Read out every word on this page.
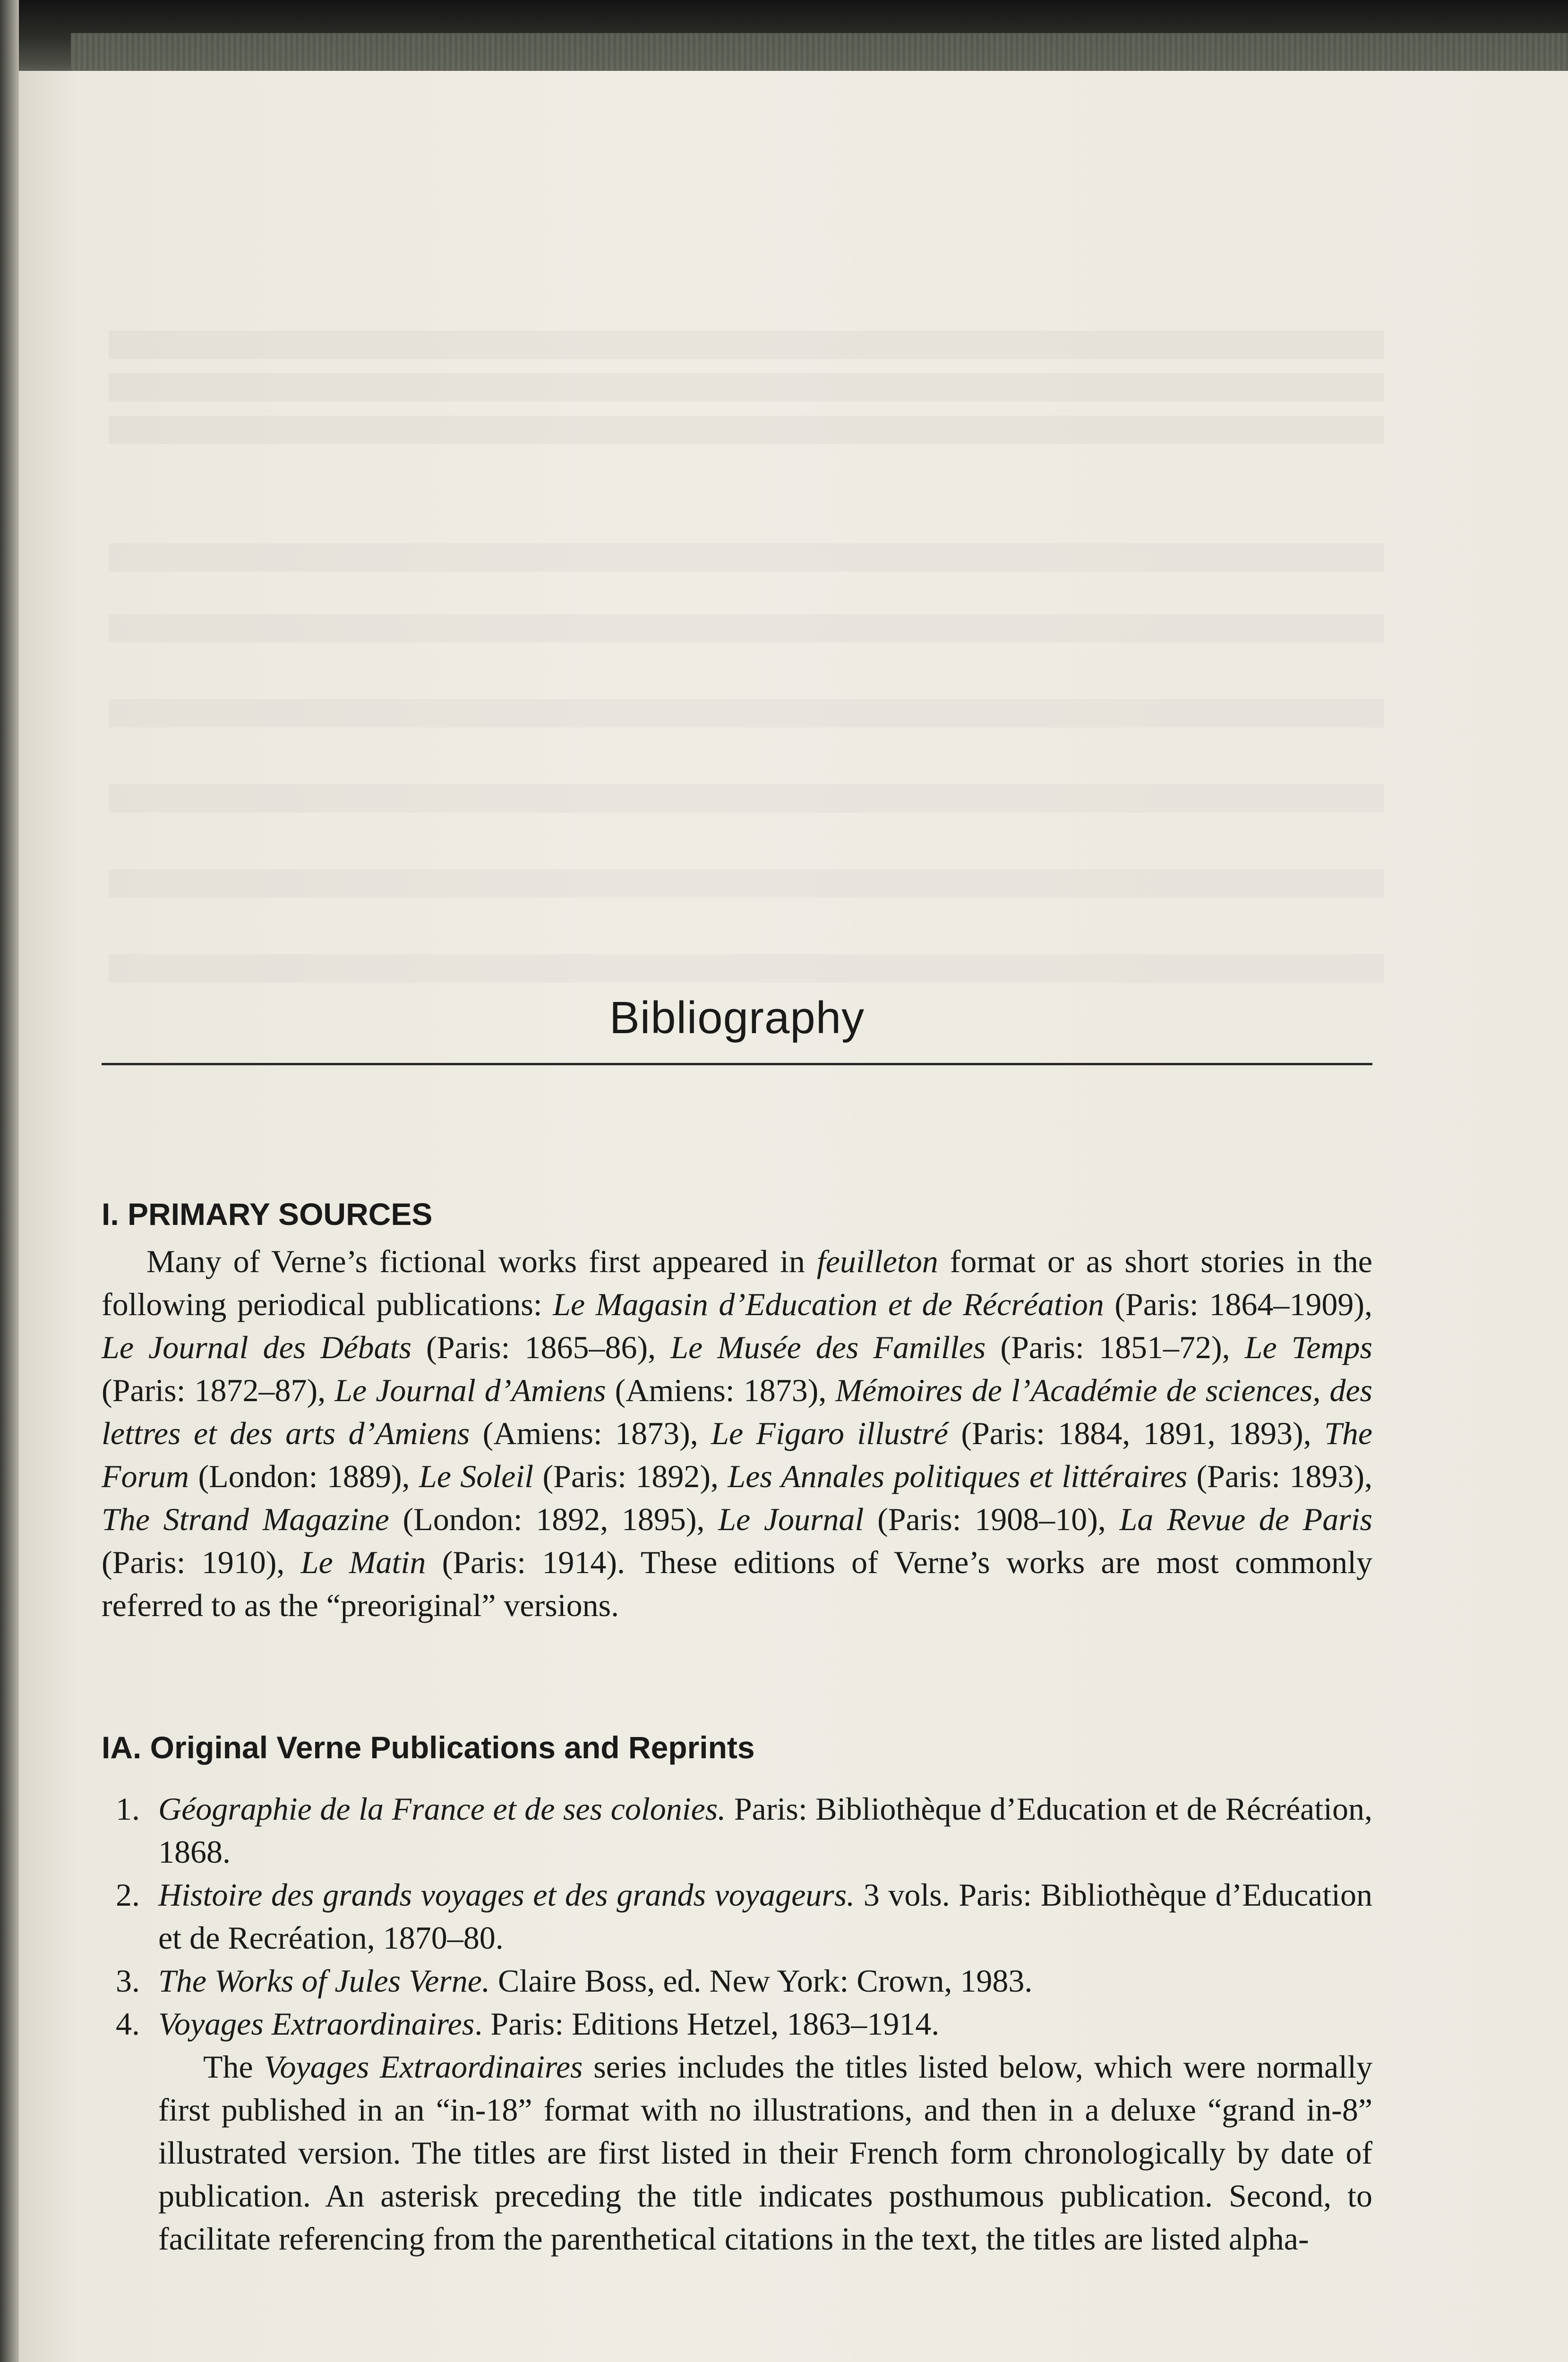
Bibliography
I. PRIMARY SOURCES

Many of Verne’s fictional works first appeared in feuilleton format or as short stories in the following periodical publications: Le Magasin d’Education et de Récréation (Paris: 1864–1909), Le Journal des Débats (Paris: 1865–86), Le Musée des Familles (Paris: 1851–72), Le Temps (Paris: 1872–87), Le Journal d’Amiens (Amiens: 1873), Mémoires de l’Académie de sciences, des lettres et des arts d’Amiens (Amiens: 1873), Le Figaro illustré (Paris: 1884, 1891, 1893), The Forum (London: 1889), Le Soleil (Paris: 1892), Les Annales politiques et littéraires (Paris: 1893), The Strand Magazine (London: 1892, 1895), Le Journal (Paris: 1908–10), La Revue de Paris (Paris: 1910), Le Matin (Paris: 1914). These editions of Verne’s works are most commonly referred to as the “preoriginal” versions.

IA. Original Verne Publications and Reprints
1. Géographie de la France et de ses colonies. Paris: Bibliothèque d’Education et de Récréation, 1868.
2. Histoire des grands voyages et des grands voyageurs. 3 vols. Paris: Bibliothèque d’Education et de Recréation, 1870–80.
3. The Works of Jules Verne. Claire Boss, ed. New York: Crown, 1983.
4. Voyages Extraordinaires. Paris: Editions Hetzel, 1863–1914.

The Voyages Extraordinaires series includes the titles listed below, which were normally first published in an “in-18” format with no illustrations, and then in a deluxe “grand in-8” illustrated version. The titles are first listed in their French form chronologically by date of publication. An asterisk preceding the title indicates posthumous publication. Second, to facilitate referencing from the parenthetical citations in the text, the titles are listed alpha-
